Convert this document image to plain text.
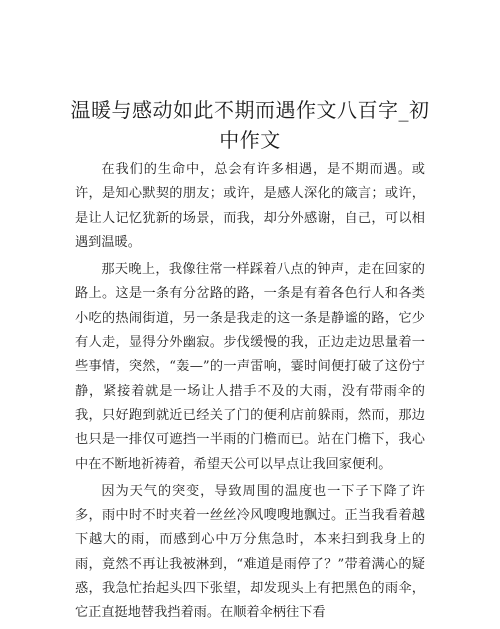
温暖与感动如此不期而遇作文八百字_初中作文

在我们的生命中，总会有许多相遇，是不期而遇。或许，是知心默契的朋友；或许，是感人深化的箴言；或许，是让人记忆犹新的场景，而我，却分外感谢，自己，可以相遇到温暖。

那天晚上，我像往常一样踩着八点的钟声，走在回家的路上。这是一条有分岔路的路，一条是有着各色行人和各类小吃的热闹街道，另一条是我走的这一条是静谧的路，它少有人走，显得分外幽寂。步伐缓慢的我，正边走边思量着一些事情，突然，“轰—”的一声雷响，霎时间便打破了这份宁静，紧接着就是一场让人措手不及的大雨，没有带雨伞的我，只好跑到就近已经关了门的便利店前躲雨，然而，那边也只是一排仅可遮挡一半雨的门檐而已。站在门檐下，我心中在不断地祈祷着，希望天公可以早点让我回家便利。

因为天气的突变，导致周围的温度也一下子下降了许多，雨中时不时夹着一丝丝冷风嗖嗖地飘过。正当我看着越下越大的雨，而感到心中万分焦急时，本来扫到我身上的雨，竟然不再让我被淋到，“难道是雨停了？”带着满心的疑惑，我急忙抬起头四下张望，却发现头上有把黑色的雨伞，它正直挺地替我挡着雨。在顺着伞柄往下看
